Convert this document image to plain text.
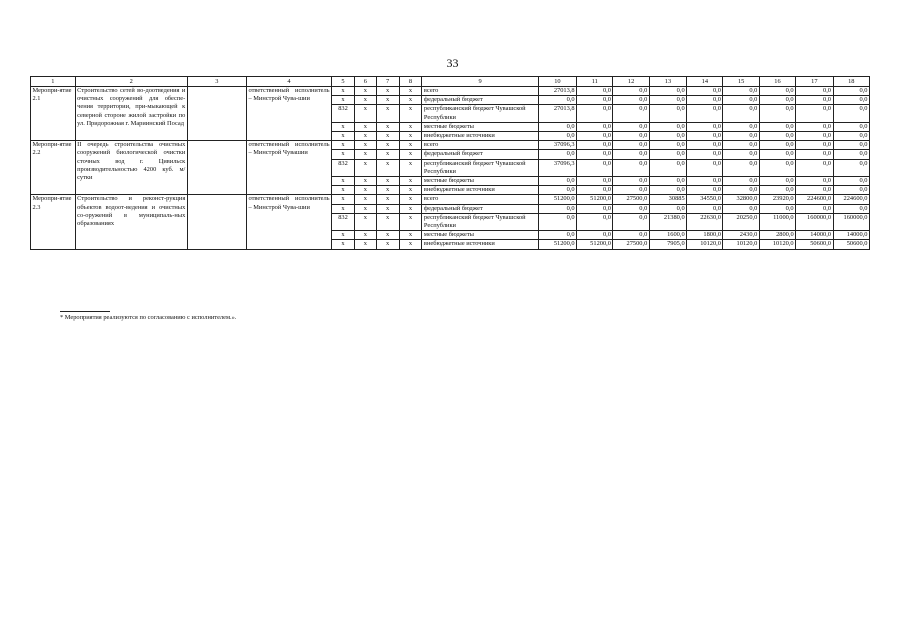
33
1	2	3	4	5	6	7	8	9	10	11	12	13	14	15	16	17	18
Меропри-ятие 2.1	Строительство сетей во-доотведения и очистных сооружений для обеспе-чения территории, при-мыкающей к северной стороне жилой застройки по ул. Придорожная г. Мариинский Посад		ответственный исполнитель – Минстрой Чува-шии	x	x	x	x	всего	27013,8	0,0	0,0	0,0	0,0	0,0	0,0	0,0	0,0
				x	x	x	x	федеральный бюджет	0,0	0,0	0,0	0,0	0,0	0,0	0,0	0,0	0,0
				832	x	x	x	республиканский бюджет Чувашской Республики	27013,8	0,0	0,0	0,0	0,0	0,0	0,0	0,0	0,0
				x	x	x	x	местные бюджеты	0,0	0,0	0,0	0,0	0,0	0,0	0,0	0,0	0,0
				x	x	x	x	внебюджетные источники	0,0	0,0	0,0	0,0	0,0	0,0	0,0	0,0	0,0
Меропри-ятие 2.2	II очередь строительства очистных сооружений биологической очистки сточных вод г. Цивильск производительностью 4200 куб. м/сутки		ответственный исполнитель – Минстрой Чувашии	x	x	x	x	всего	37096,3	0,0	0,0	0,0	0,0	0,0	0,0	0,0	0,0
				x	x	x	x	федеральный бюджет	0,0	0,0	0,0	0,0	0,0	0,0	0,0	0,0	0,0
				832	x	x	x	республиканский бюджет Чувашской Республики	37096,3	0,0	0,0	0,0	0,0	0,0	0,0	0,0	0,0
				x	x	x	x	местные бюджеты	0,0	0,0	0,0	0,0	0,0	0,0	0,0	0,0	0,0
				x	x	x	x	внебюджетные источники	0,0	0,0	0,0	0,0	0,0	0,0	0,0	0,0	0,0
Меропри-ятие 2.3	Строительство и реконст-рукция объектов водоот-ведения и очистных со-оружений в муниципаль-ных образованиях		ответственный исполнитель – Минстрой Чува-шии	x	x	x	x	всего	51200,0	51200,0	27500,0	30885	34550,0	32800,0	23920,0	224600,0	224600,0
				x	x	x	x	федеральный бюджет	0,0	0,0	0,0	0,0	0,0	0,0	0,0	0,0	0,0
				832	x	x	x	республиканский бюджет Чувашской Республики	0,0	0,0	0,0	21380,0	22630,0	20250,0	11000,0	160000,0	160000,0
				x	x	x	x	местные бюджеты	0,0	0,0	0,0	1600,0	1800,0	2430,0	2800,0	14000,0	14000,0
				x	x	x	x	внебюджетные источники	51200,0	51200,0	27500,0	7905,0	10120,0	10120,0	10120,0	50600,0	50600,0
* Мероприятия реализуются по согласованию с исполнителем.».
